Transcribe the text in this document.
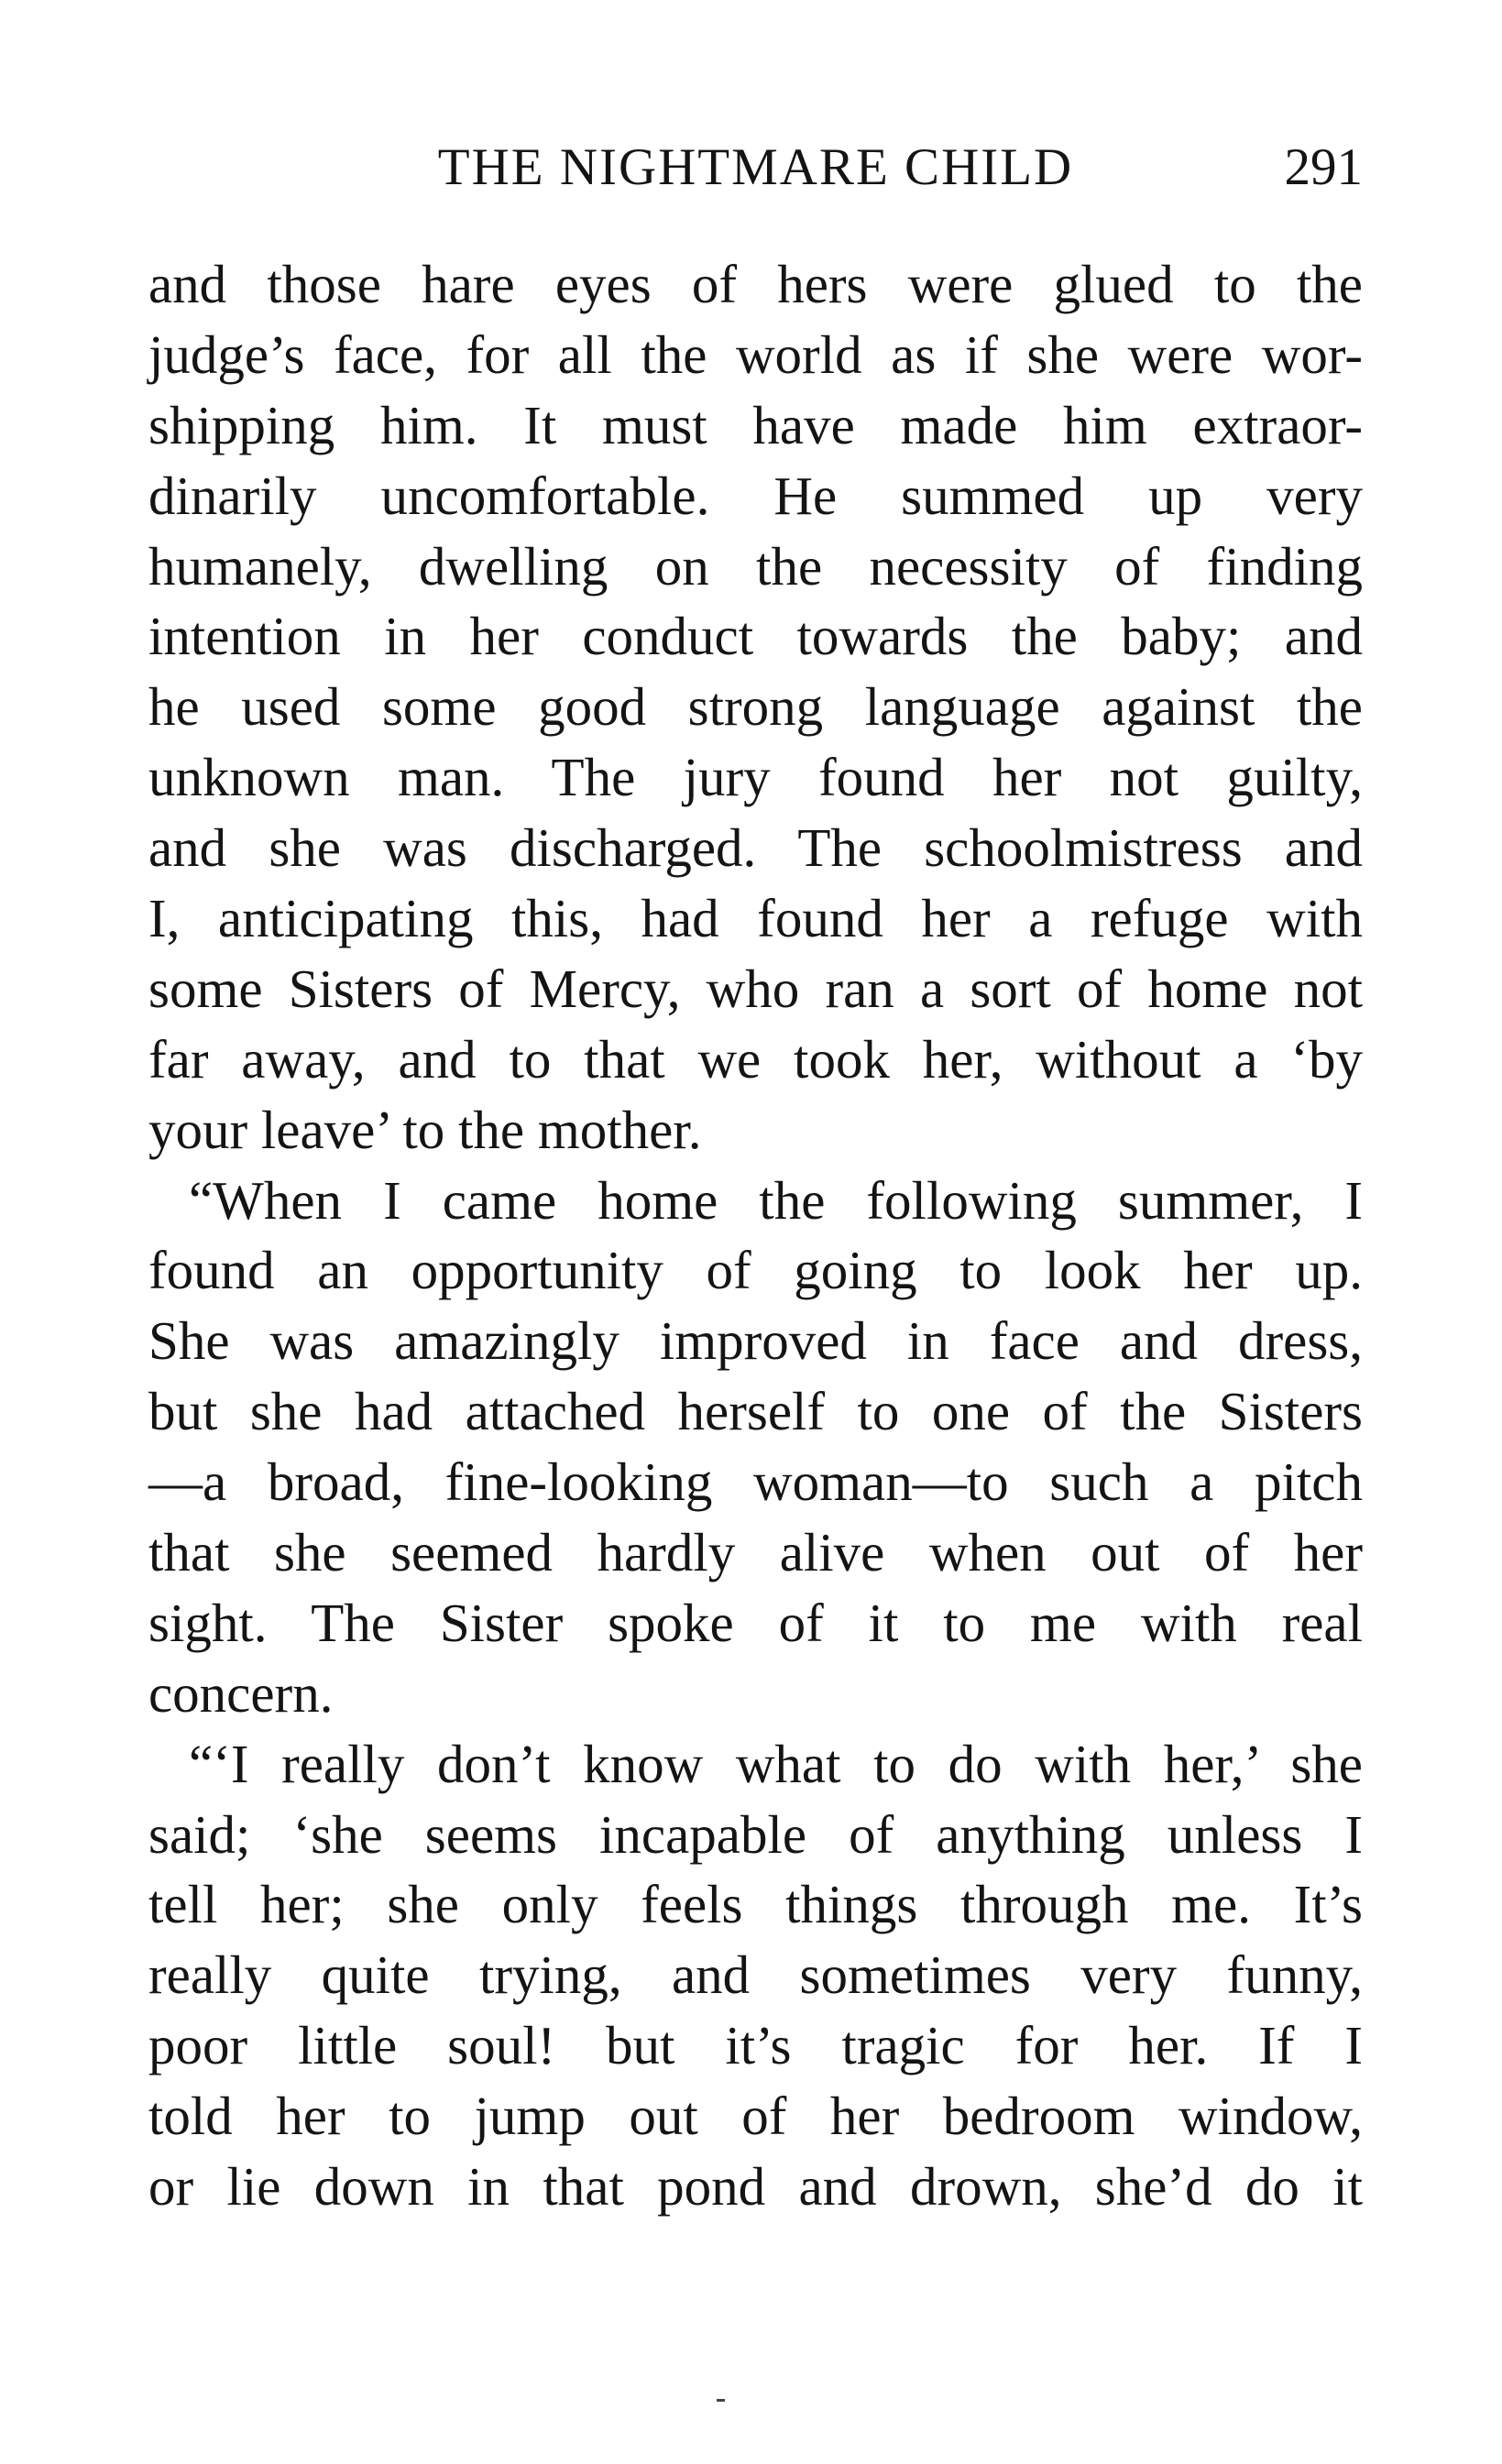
THE NIGHTMARE CHILD	291
and those hare eyes of hers were glued to the
judge’s face, for all the world as if she were wor-
shipping him. It must have made him extraor-
dinarily uncomfortable. He summed up very
humanely, dwelling on the necessity of finding
intention in her conduct towards the baby; and
he used some good strong language against the
unknown man. The jury found her not guilty,
and she was discharged. The schoolmistress and
I, anticipating this, had found her a refuge with
some Sisters of Mercy, who ran a sort of home not
far away, and to that we took her, without a ‘by
your leave’ to the mother.
“When I came home the following summer, I
found an opportunity of going to look her up.
She was amazingly improved in face and dress,
but she had attached herself to one of the Sisters
—a broad, fine-looking woman—to such a pitch
that she seemed hardly alive when out of her
sight. The Sister spoke of it to me with real
concern.
“‘I really don’t know what to do with her,’ she
said; ‘she seems incapable of anything unless I
tell her; she only feels things through me. It’s
really quite trying, and sometimes very funny,
poor little soul! but it’s tragic for her. If I
told her to jump out of her bedroom window,
or lie down in that pond and drown, she’d do it
